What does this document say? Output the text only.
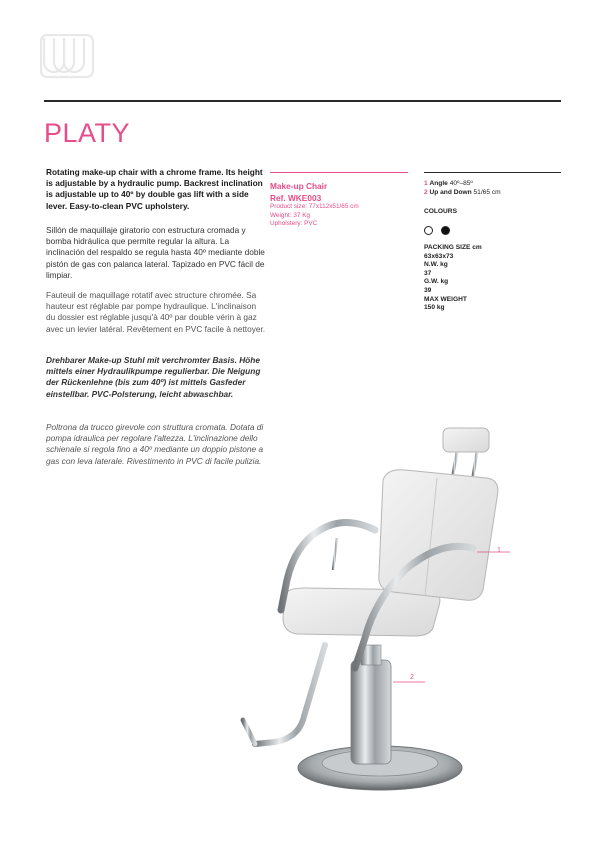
PLATY
Rotating make-up chair with a chrome frame. Its height is adjustable by a hydraulic pump. Backrest inclination is adjustable up to 40º by double gas lift with a side lever. Easy-to-clean PVC upholstery.
Sillón de maquillaje giratorio con estructura cromada y bomba hidráulica que permite regular la altura. La inclinación del respaldo se regula hasta 40º mediante doble pistón de gas con palanca lateral. Tapizado en PVC fácil de limpiar.
Fauteuil de maquillage rotatif avec structure chromée. Sa hauteur est réglable par pompe hydraulique. L'inclinaison du dossier est réglable jusqu'à 40º par double vérin à gaz avec un levier latéral. Revêtement en PVC facile à nettoyer.
Drehbarer Make-up Stuhl mit verchromter Basis. Höhe mittels einer Hydraulikpumpe regulierbar. Die Neigung der Rückenlehne (bis zum 40º) ist mittels Gasfeder einstellbar. PVC-Polsterung, leicht abwaschbar.
Poltrona da trucco girevole con struttura cromata. Dotata di pompa idraulica per regolare l'altezza. L'inclinazione dello schienale si regola fino a 40º mediante un doppio pistone a gas con leva laterale. Rivestimento in PVC di facile pulizia.
Make-up Chair
Ref. WKE003
Product size: 77x112x51/65 cm
Weight: 37 Kg
Upholstery: PVC
1 Angle 40º–85º
2 Up and Down 51/65 cm
COLOURS

PACKING SIZE cm
63x63x73
N.W. kg
37
G.W. kg
39
MAX WEIGHT
150 kg
1
2
